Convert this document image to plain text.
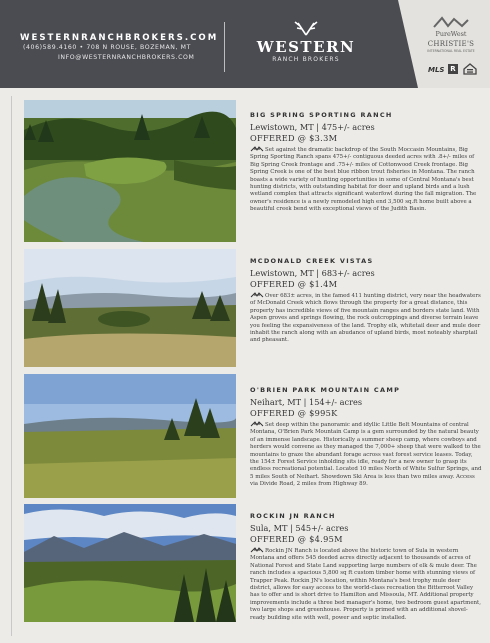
WESTERNRANCHBROKERS.COM
(406)589.4160 • 708 N ROUSE, BOZEMAN, MT
INFO@WESTERNRANCHBROKERS.COM
WESTERN
RANCH BROKERS
PureWest
CHRISTIE'S
INTERNATIONAL REAL ESTATE
MLS R
BIG SPRING SPORTING RANCH
Lewistown, MT | 475+/- acres
OFFERED @ $3.3M
Set against the dramatic backdrop of the South Moccasin Mountains, Big Spring Sporting Ranch spans 475+/- contiguous deeded acres with .8+/- miles of Big Spring Creek frontage and .75+/- miles of Cottonwood Creek frontage. Big Spring Creek is one of the best blue ribbon trout fisheries in Montana. The ranch boasts a wide variety of hunting opportunities in some of Central Montana's best hunting districts, with outstanding habitat for deer and upland birds and a lush wetland complex that attracts significant waterfowl during the fall migration. The owner's residence is a newly remodeled high end 3,500 sq.ft home built above a beautiful creek bend with exceptional views of the Judith Basin.
MCDONALD CREEK VISTAS
Lewistown, MT | 683+/- acres
OFFERED @ $1.4M
Over 683± acres, in the famed 411 hunting district, very near the headwaters of McDonald Creek which flows through the property for a great distance, this property has incredible views of five mountain ranges and borders state land. With Aspen groves and springs flowing, the rock outcroppings and diverse terrain leave you feeling the expansiveness of the land. Trophy elk, whitetail deer and mule deer inhabit the ranch along with an abudance of upland birds, most noteably sharptail and pheasant.
O'BRIEN PARK MOUNTAIN CAMP
Neihart, MT | 154+/- acres
OFFERED @ $995K
Set deep within the panoramic and idyllic Little Belt Mountains of central Montana, O'Brien Park Mountain Camp is a gem surrounded by the natural beauty of an immense landscape. Historically a summer sheep camp, where cowboys and herders would convene as they managed the 7,000+ sheep that were walked to the mountains to graze the abundant forage across vast forest service leases. Today, the 154± Forest Service inholding sits idle, ready for a new owner to grasp its endless recreational potential. Located 10 miles North of White Sulfur Springs, and 5 miles South of Neihart. Showdown Ski Area is less than two miles away. Access via Divide Road, 2 miles from Highway 89.
ROCKIN JN RANCH
Sula, MT | 545+/- acres
OFFERED @ $4.95M
Rockin JN Ranch is located above the historic town of Sula in western Montana and offers 545 deeded acres directly adjacent to thousands of acres of National Forest and State Land supporting large numbers of elk & mule deer. The ranch includes a spacious 5,800 sq ft custom timber home with stunning views of Trapper Peak. Rockin JN's location, within Montana's best trophy mule deer district, allows for easy access to the world-class recreation the Bitterroot Valley has to offer and is short drive to Hamilton and Missoula, MT. Additional property improvements include a three bed manager's home, two bedroom guest apartment, two large shops and greenhouse. Property is primed with an additional shovel-ready building site with well, power and septic installed.
